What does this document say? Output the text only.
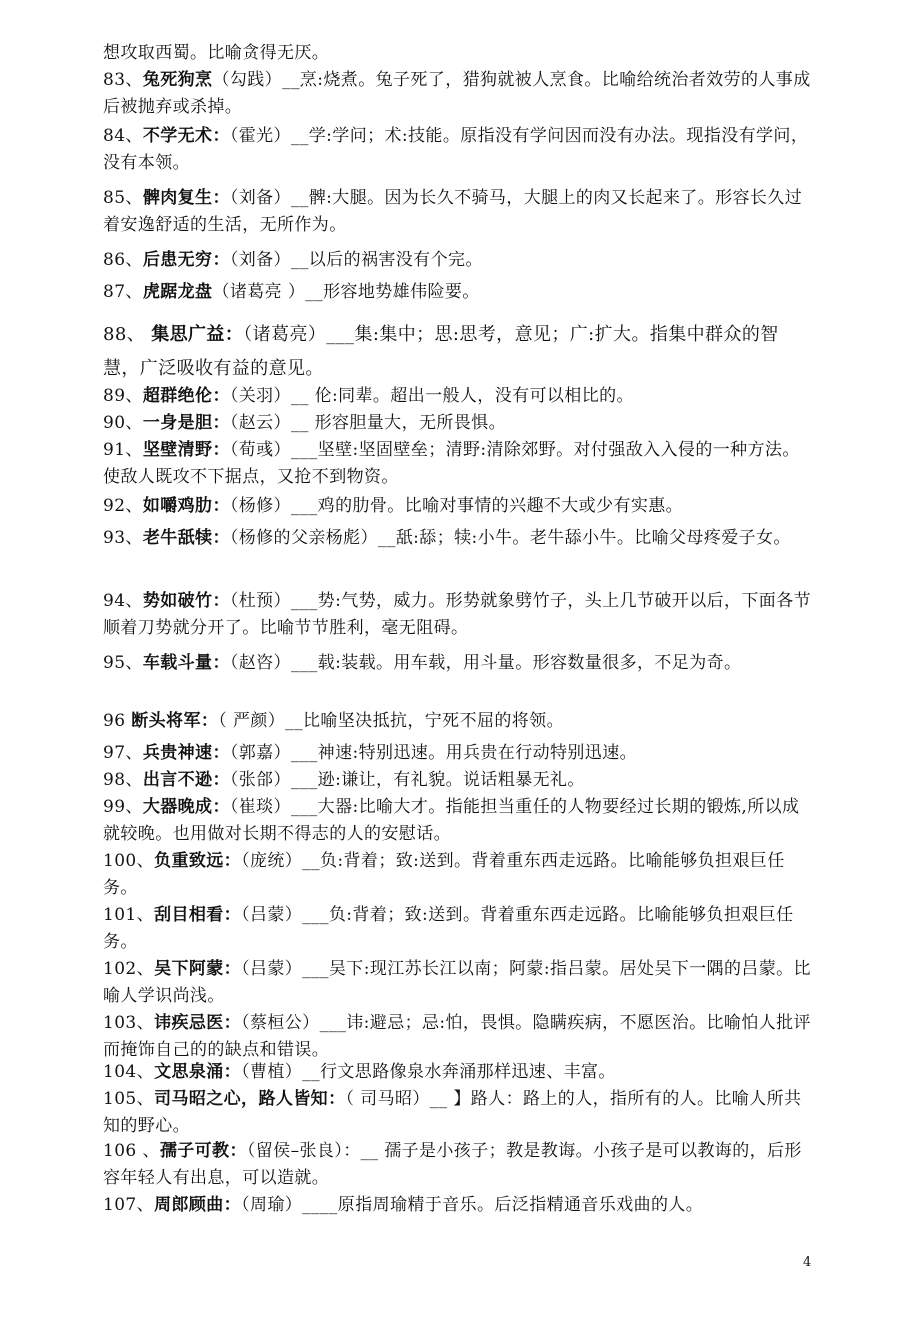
想攻取西蜀。比喻贪得无厌。
83、兔死狗烹（勾践）__烹:烧煮。兔子死了，猎狗就被人烹食。比喻给统治者效劳的人事成后被抛弃或杀掉。
84、不学无术：（霍光）__学:学问；术:技能。原指没有学问因而没有办法。现指没有学问，没有本领。
85、髀肉复生：（刘备）__髀:大腿。因为长久不骑马，大腿上的肉又长起来了。形容长久过着安逸舒适的生活，无所作为。
86、后患无穷：（刘备）__以后的祸害没有个完。
87、虎踞龙盘（诸葛亮 ）__形容地势雄伟险要。
88、 集思广益：（诸葛亮）___集:集中；思:思考，意见；广:扩大。指集中群众的智慧，广泛吸收有益的意见。
89、超群绝伦：（关羽）__ 伦:同辈。超出一般人，没有可以相比的。
90、一身是胆：（赵云）__ 形容胆量大，无所畏惧。
91、坚壁清野：（荀彧）___坚壁:坚固壁垒；清野:清除郊野。对付强敌入入侵的一种方法。使敌人既攻不下据点，又抢不到物资。
92、如嚼鸡肋：（杨修）___鸡的肋骨。比喻对事情的兴趣不大或少有实惠。
93、老牛舐犊：（杨修的父亲杨彪）__舐:舔；犊:小牛。老牛舔小牛。比喻父母疼爱子女。
94、势如破竹：（杜预）___势:气势，威力。形势就象劈竹子，头上几节破开以后，下面各节顺着刀势就分开了。比喻节节胜利，毫无阻碍。
95、车载斗量：（赵咨）___载:装载。用车载，用斗量。形容数量很多，不足为奇。
96 断头将军：（ 严颜）__比喻坚决抵抗，宁死不屈的将领。
97、兵贵神速：（郭嘉）___神速:特别迅速。用兵贵在行动特别迅速。
98、出言不逊：（张郃）___逊:谦让，有礼貌。说话粗暴无礼。
99、大器晚成：（崔琰）___大器:比喻大才。指能担当重任的人物要经过长期的锻炼,所以成就较晚。也用做对长期不得志的人的安慰话。
100、负重致远：（庞统）__负:背着；致:送到。背着重东西走远路。比喻能够负担艰巨任务。
101、刮目相看：（吕蒙）___负:背着；致:送到。背着重东西走远路。比喻能够负担艰巨任务。
102、吴下阿蒙：（吕蒙）___吴下:现江苏长江以南；阿蒙:指吕蒙。居处吴下一隅的吕蒙。比喻人学识尚浅。
103、讳疾忌医：（蔡桓公）___讳:避忌；忌:怕，畏惧。隐瞒疾病，不愿医治。比喻怕人批评而掩饰自己的的缺点和错误。
104、文思泉涌：（曹植）__行文思路像泉水奔涌那样迅速、丰富。
105、司马昭之心，路人皆知：（ 司马昭）__ 】路人：路上的人，指所有的人。比喻人所共知的野心。
106 、孺子可教：（留侯–张良）：__ 孺子是小孩子；教是教诲。小孩子是可以教诲的，后形容年轻人有出息，可以造就。
107、周郎顾曲：（周瑜）____原指周瑜精于音乐。后泛指精通音乐戏曲的人。
4
